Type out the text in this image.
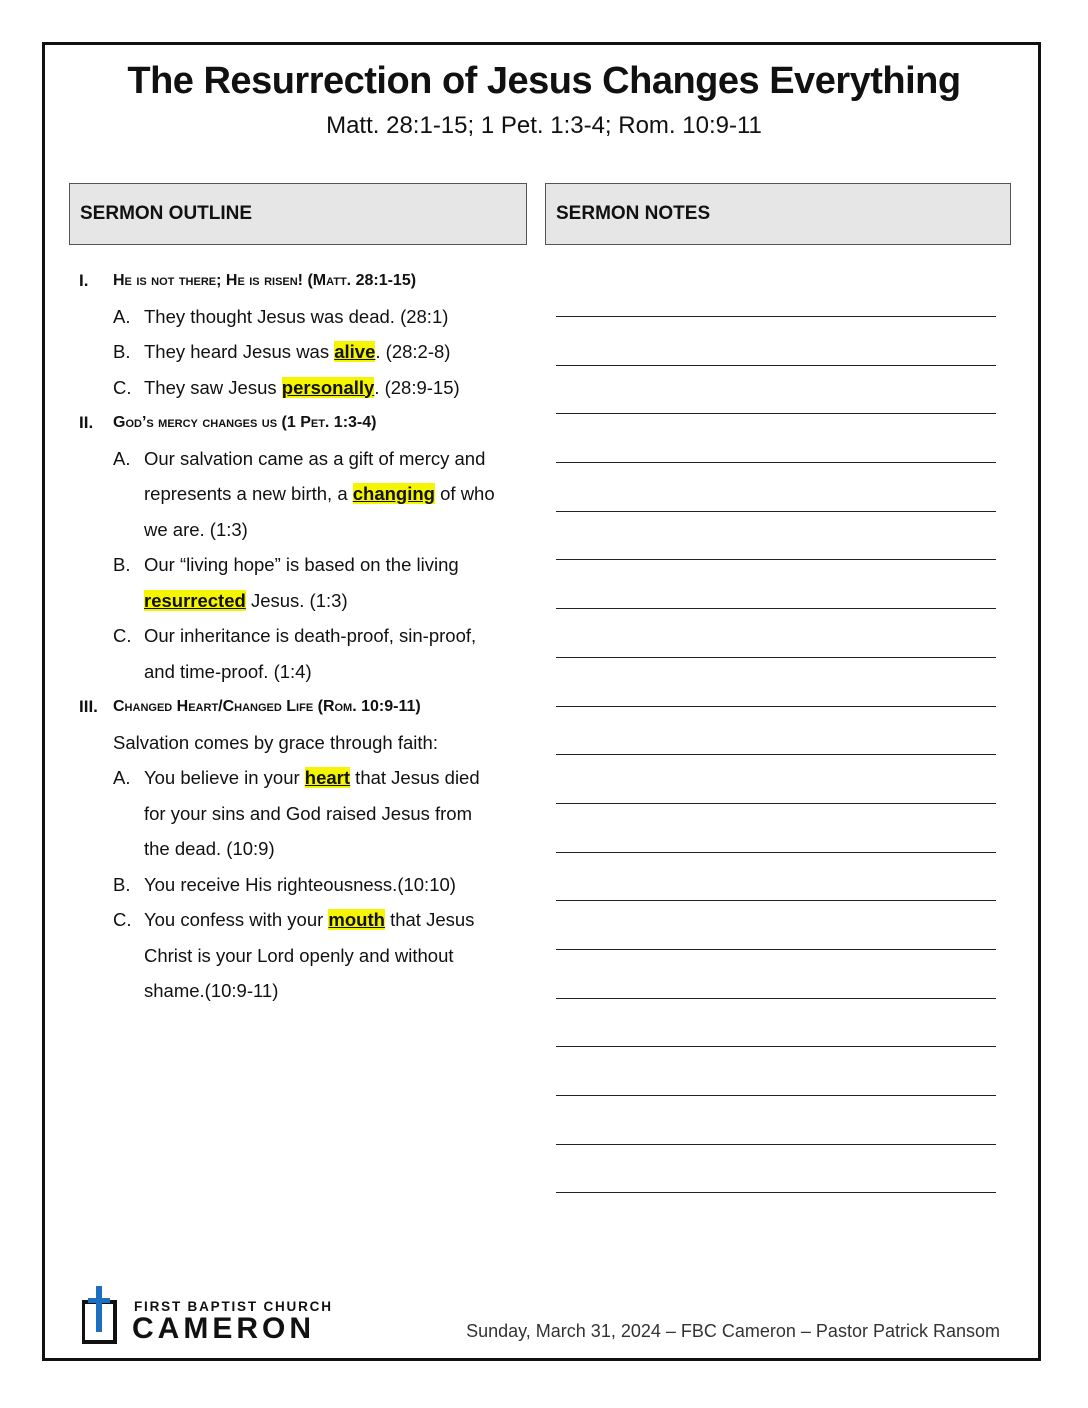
The Resurrection of Jesus Changes Everything
Matt. 28:1-15; 1 Pet. 1:3-4; Rom. 10:9-11
SERMON OUTLINE	SERMON NOTES
I.	He is not there; He is risen! (Matt. 28:1-15)
A. They thought Jesus was dead. (28:1)
B. They heard Jesus was alive. (28:2-8)
C. They saw Jesus personally. (28:9-15)
II.	God’s mercy changes us (1 Pet. 1:3-4)
A. Our salvation came as a gift of mercy and
represents a new birth, a changing of who
we are. (1:3)
B. Our “living hope” is based on the living
resurrected Jesus. (1:3)
C. Our inheritance is death-proof, sin-proof,
and time-proof. (1:4)
III. Changed Heart/Changed Life (Rom. 10:9-11)
Salvation comes by grace through faith:
A. You believe in your heart that Jesus died
for your sins and God raised Jesus from
the dead. (10:9)
B. You receive His righteousness.(10:10)
C. You confess with your mouth that Jesus
Christ is your Lord openly and without
shame.(10:9-11)
FIRST BAPTIST CHURCH
CAMERON	Sunday, March 31, 2024 – FBC Cameron – Pastor Patrick Ransom
